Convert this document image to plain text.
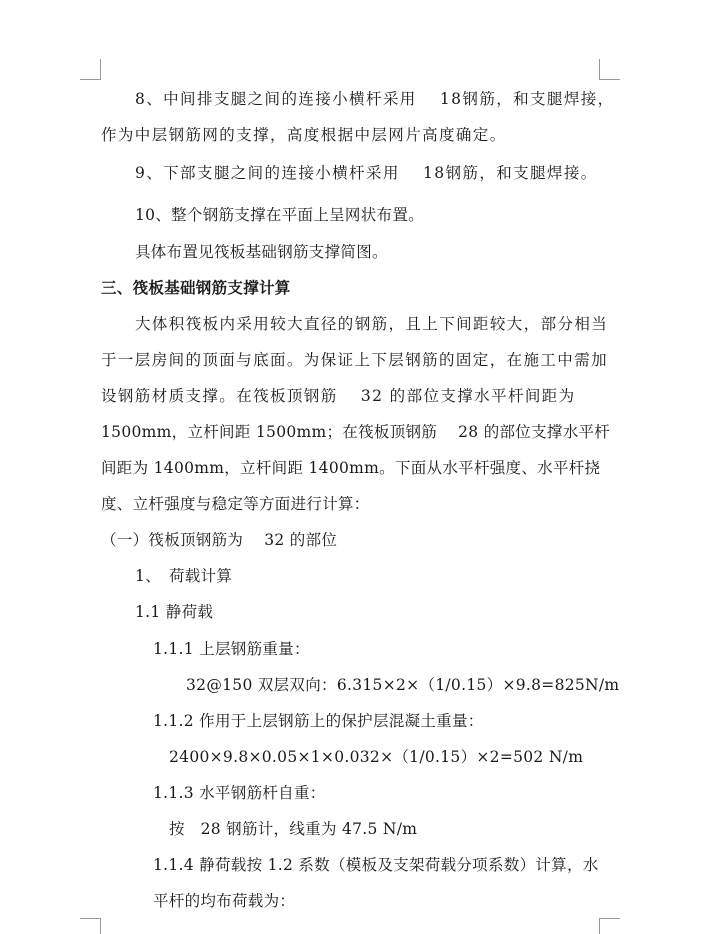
8、中间排支腿之间的连接小横杆采用　 18钢筋，和支腿焊接，
作为中层钢筋网的支撑，高度根据中层网片高度确定。
9、下部支腿之间的连接小横杆采用　 18钢筋，和支腿焊接。
10、整个钢筋支撑在平面上呈网状布置。
具体布置见筏板基础钢筋支撑简图。
三、筏板基础钢筋支撑计算
大体积筏板内采用较大直径的钢筋，且上下间距较大，部分相当
于一层房间的顶面与底面。为保证上下层钢筋的固定，在施工中需加
设钢筋材质支撑。在筏板顶钢筋　 32 的部位支撑水平杆间距为
1500mm，立杆间距 1500mm；在筏板顶钢筋　 28 的部位支撑水平杆
间距为 1400mm，立杆间距 1400mm。下面从水平杆强度、水平杆挠
度、立杆强度与稳定等方面进行计算：
（一）筏板顶钢筋为　 32 的部位
1、　荷载计算
1.1 静荷载
1.1.1 上层钢筋重量：
32@150 双层双向：6.315×2×（1/0.15）×9.8=825N/m
1.1.2 作用于上层钢筋上的保护层混凝土重量：
2400×9.8×0.05×1×0.032×（1/0.15）×2=502 N/m
1.1.3 水平钢筋杆自重：
按　28 钢筋计，线重为 47.5 N/m
1.1.4 静荷载按 1.2 系数（模板及支架荷载分项系数）计算，水
平杆的均布荷载为：
